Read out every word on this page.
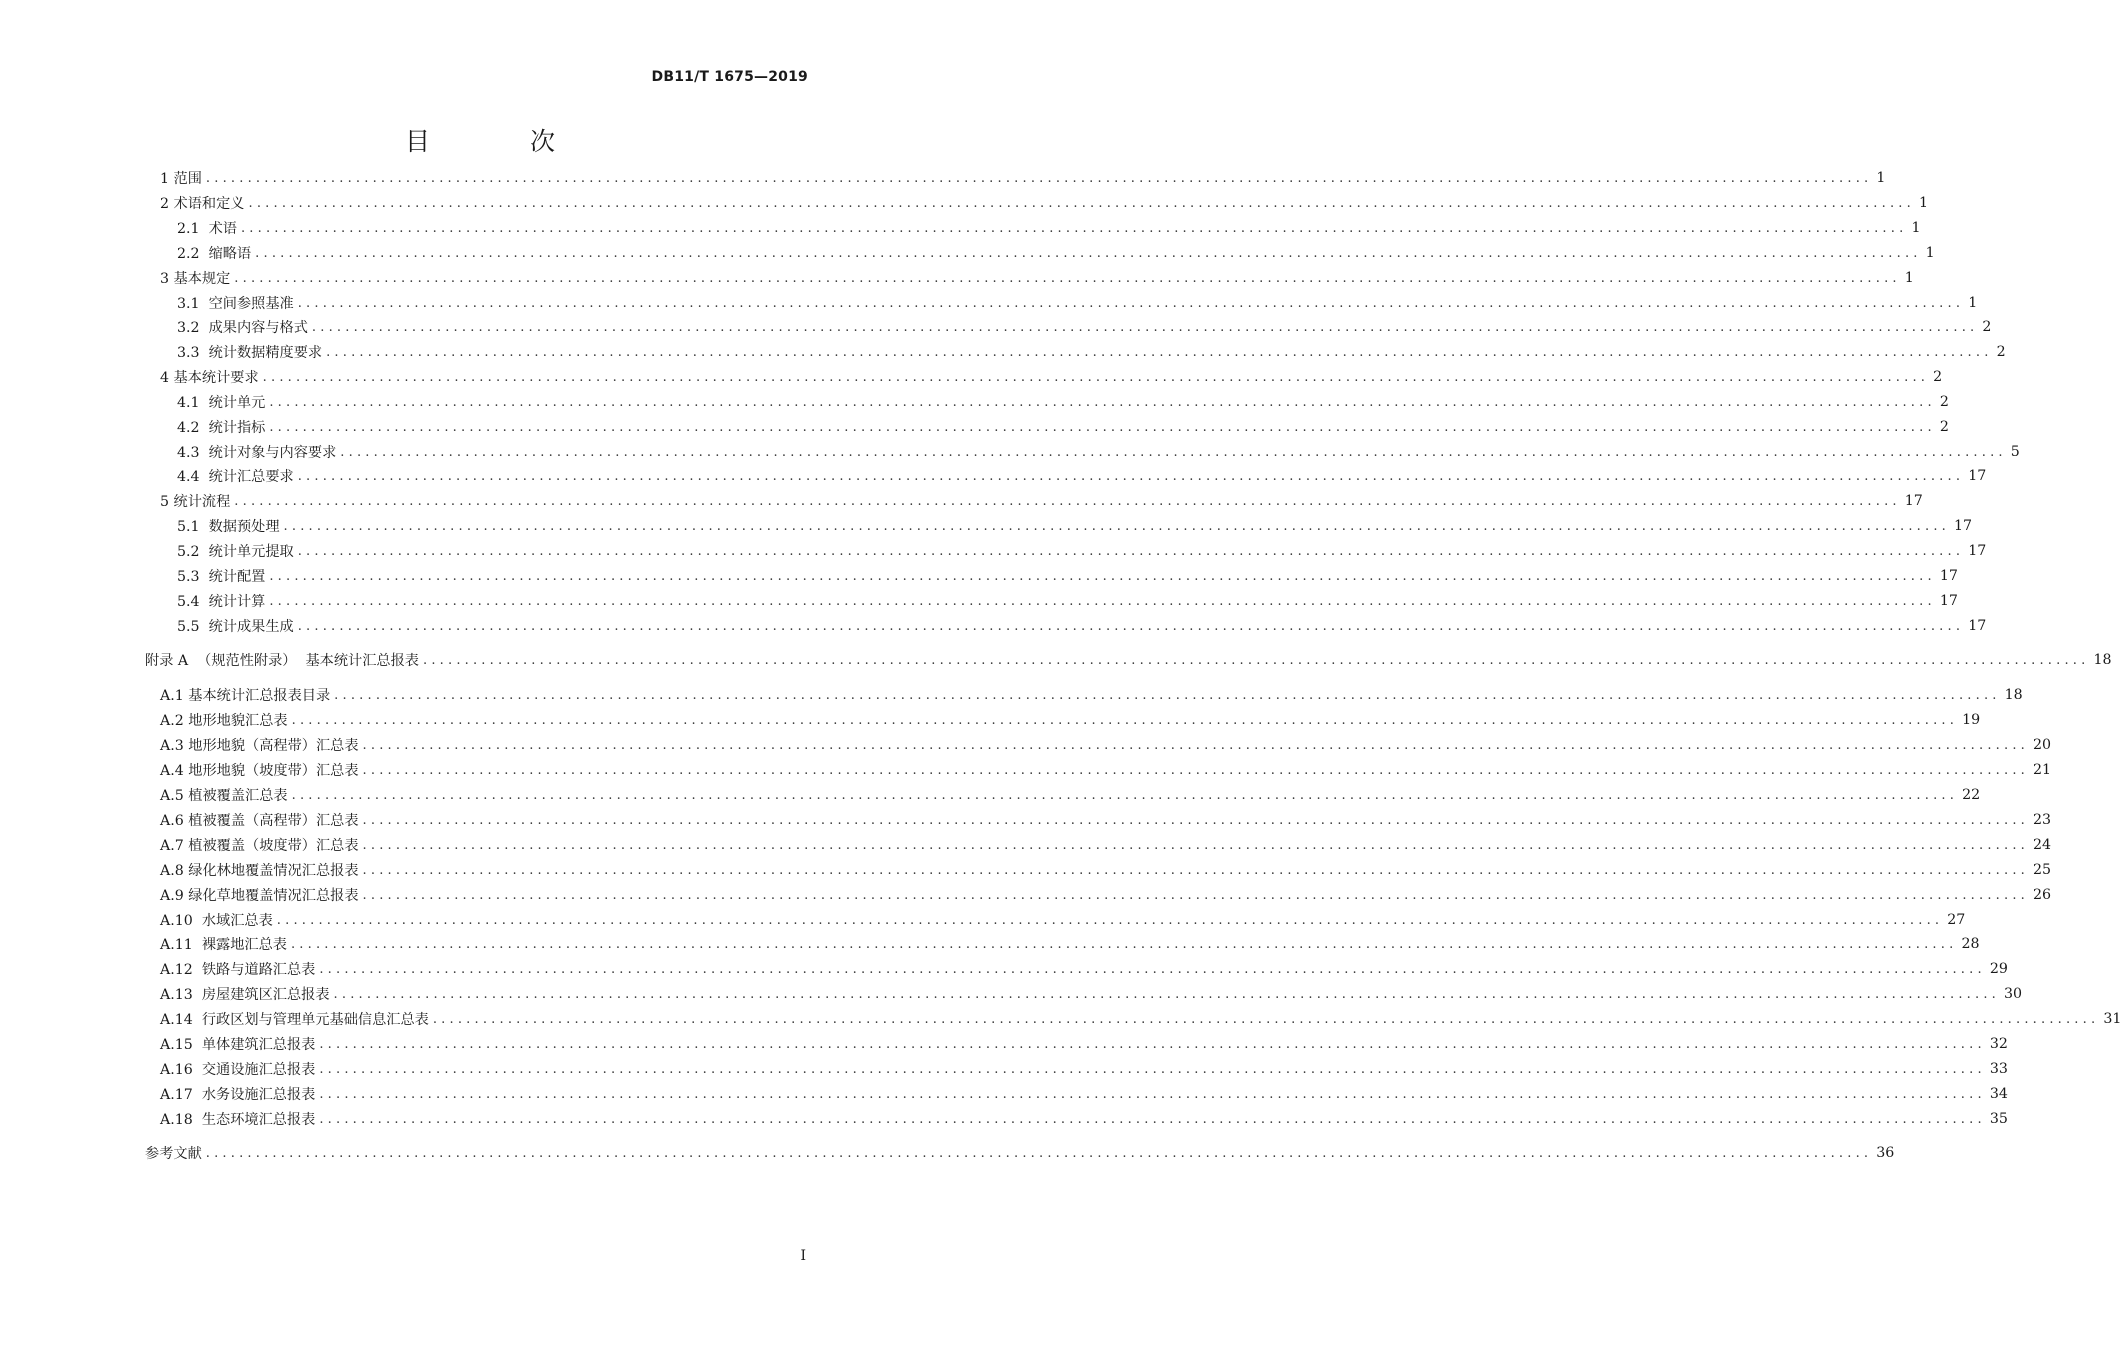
DB11/T 1675—2019
目 次
1 范围 ........................................................................................................................................................................................................ 1
2 术语和定义 ........................................................................................................................................................................................................ 1
2.1  术语 ........................................................................................................................................................................................................ 1
2.2  缩略语 ........................................................................................................................................................................................................ 1
3 基本规定 ........................................................................................................................................................................................................ 1
3.1  空间参照基准 ........................................................................................................................................................................................................ 1
3.2  成果内容与格式 ........................................................................................................................................................................................................ 2
3.3  统计数据精度要求 ........................................................................................................................................................................................................ 2
4 基本统计要求 ........................................................................................................................................................................................................ 2
4.1  统计单元 ........................................................................................................................................................................................................ 2
4.2  统计指标 ........................................................................................................................................................................................................ 2
4.3  统计对象与内容要求 ........................................................................................................................................................................................................ 5
4.4  统计汇总要求 ........................................................................................................................................................................................................ 17
5 统计流程 ........................................................................................................................................................................................................ 17
5.1  数据预处理 ........................................................................................................................................................................................................ 17
5.2  统计单元提取 ........................................................................................................................................................................................................ 17
5.3  统计配置 ........................................................................................................................................................................................................ 17
5.4  统计计算 ........................................................................................................................................................................................................ 17
5.5  统计成果生成 ........................................................................................................................................................................................................ 17
附录 A  （规范性附录）  基本统计汇总报表 ........................................................................................................................................................................................................ 18
A.1 基本统计汇总报表目录 ........................................................................................................................................................................................................ 18
A.2 地形地貌汇总表 ........................................................................................................................................................................................................ 19
A.3 地形地貌（高程带）汇总表 ........................................................................................................................................................................................................ 20
A.4 地形地貌（坡度带）汇总表 ........................................................................................................................................................................................................ 21
A.5 植被覆盖汇总表 ........................................................................................................................................................................................................ 22
A.6 植被覆盖（高程带）汇总表 ........................................................................................................................................................................................................ 23
A.7 植被覆盖（坡度带）汇总表 ........................................................................................................................................................................................................ 24
A.8 绿化林地覆盖情况汇总报表 ........................................................................................................................................................................................................ 25
A.9 绿化草地覆盖情况汇总报表 ........................................................................................................................................................................................................ 26
A.10  水域汇总表 ........................................................................................................................................................................................................ 27
A.11  裸露地汇总表 ........................................................................................................................................................................................................ 28
A.12  铁路与道路汇总表 ........................................................................................................................................................................................................ 29
A.13  房屋建筑区汇总报表 ........................................................................................................................................................................................................ 30
A.14  行政区划与管理单元基础信息汇总表 ........................................................................................................................................................................................................ 31
A.15  单体建筑汇总报表 ........................................................................................................................................................................................................ 32
A.16  交通设施汇总报表 ........................................................................................................................................................................................................ 33
A.17  水务设施汇总报表 ........................................................................................................................................................................................................ 34
A.18  生态环境汇总报表 ........................................................................................................................................................................................................ 35
参考文献 ........................................................................................................................................................................................................ 36
I
